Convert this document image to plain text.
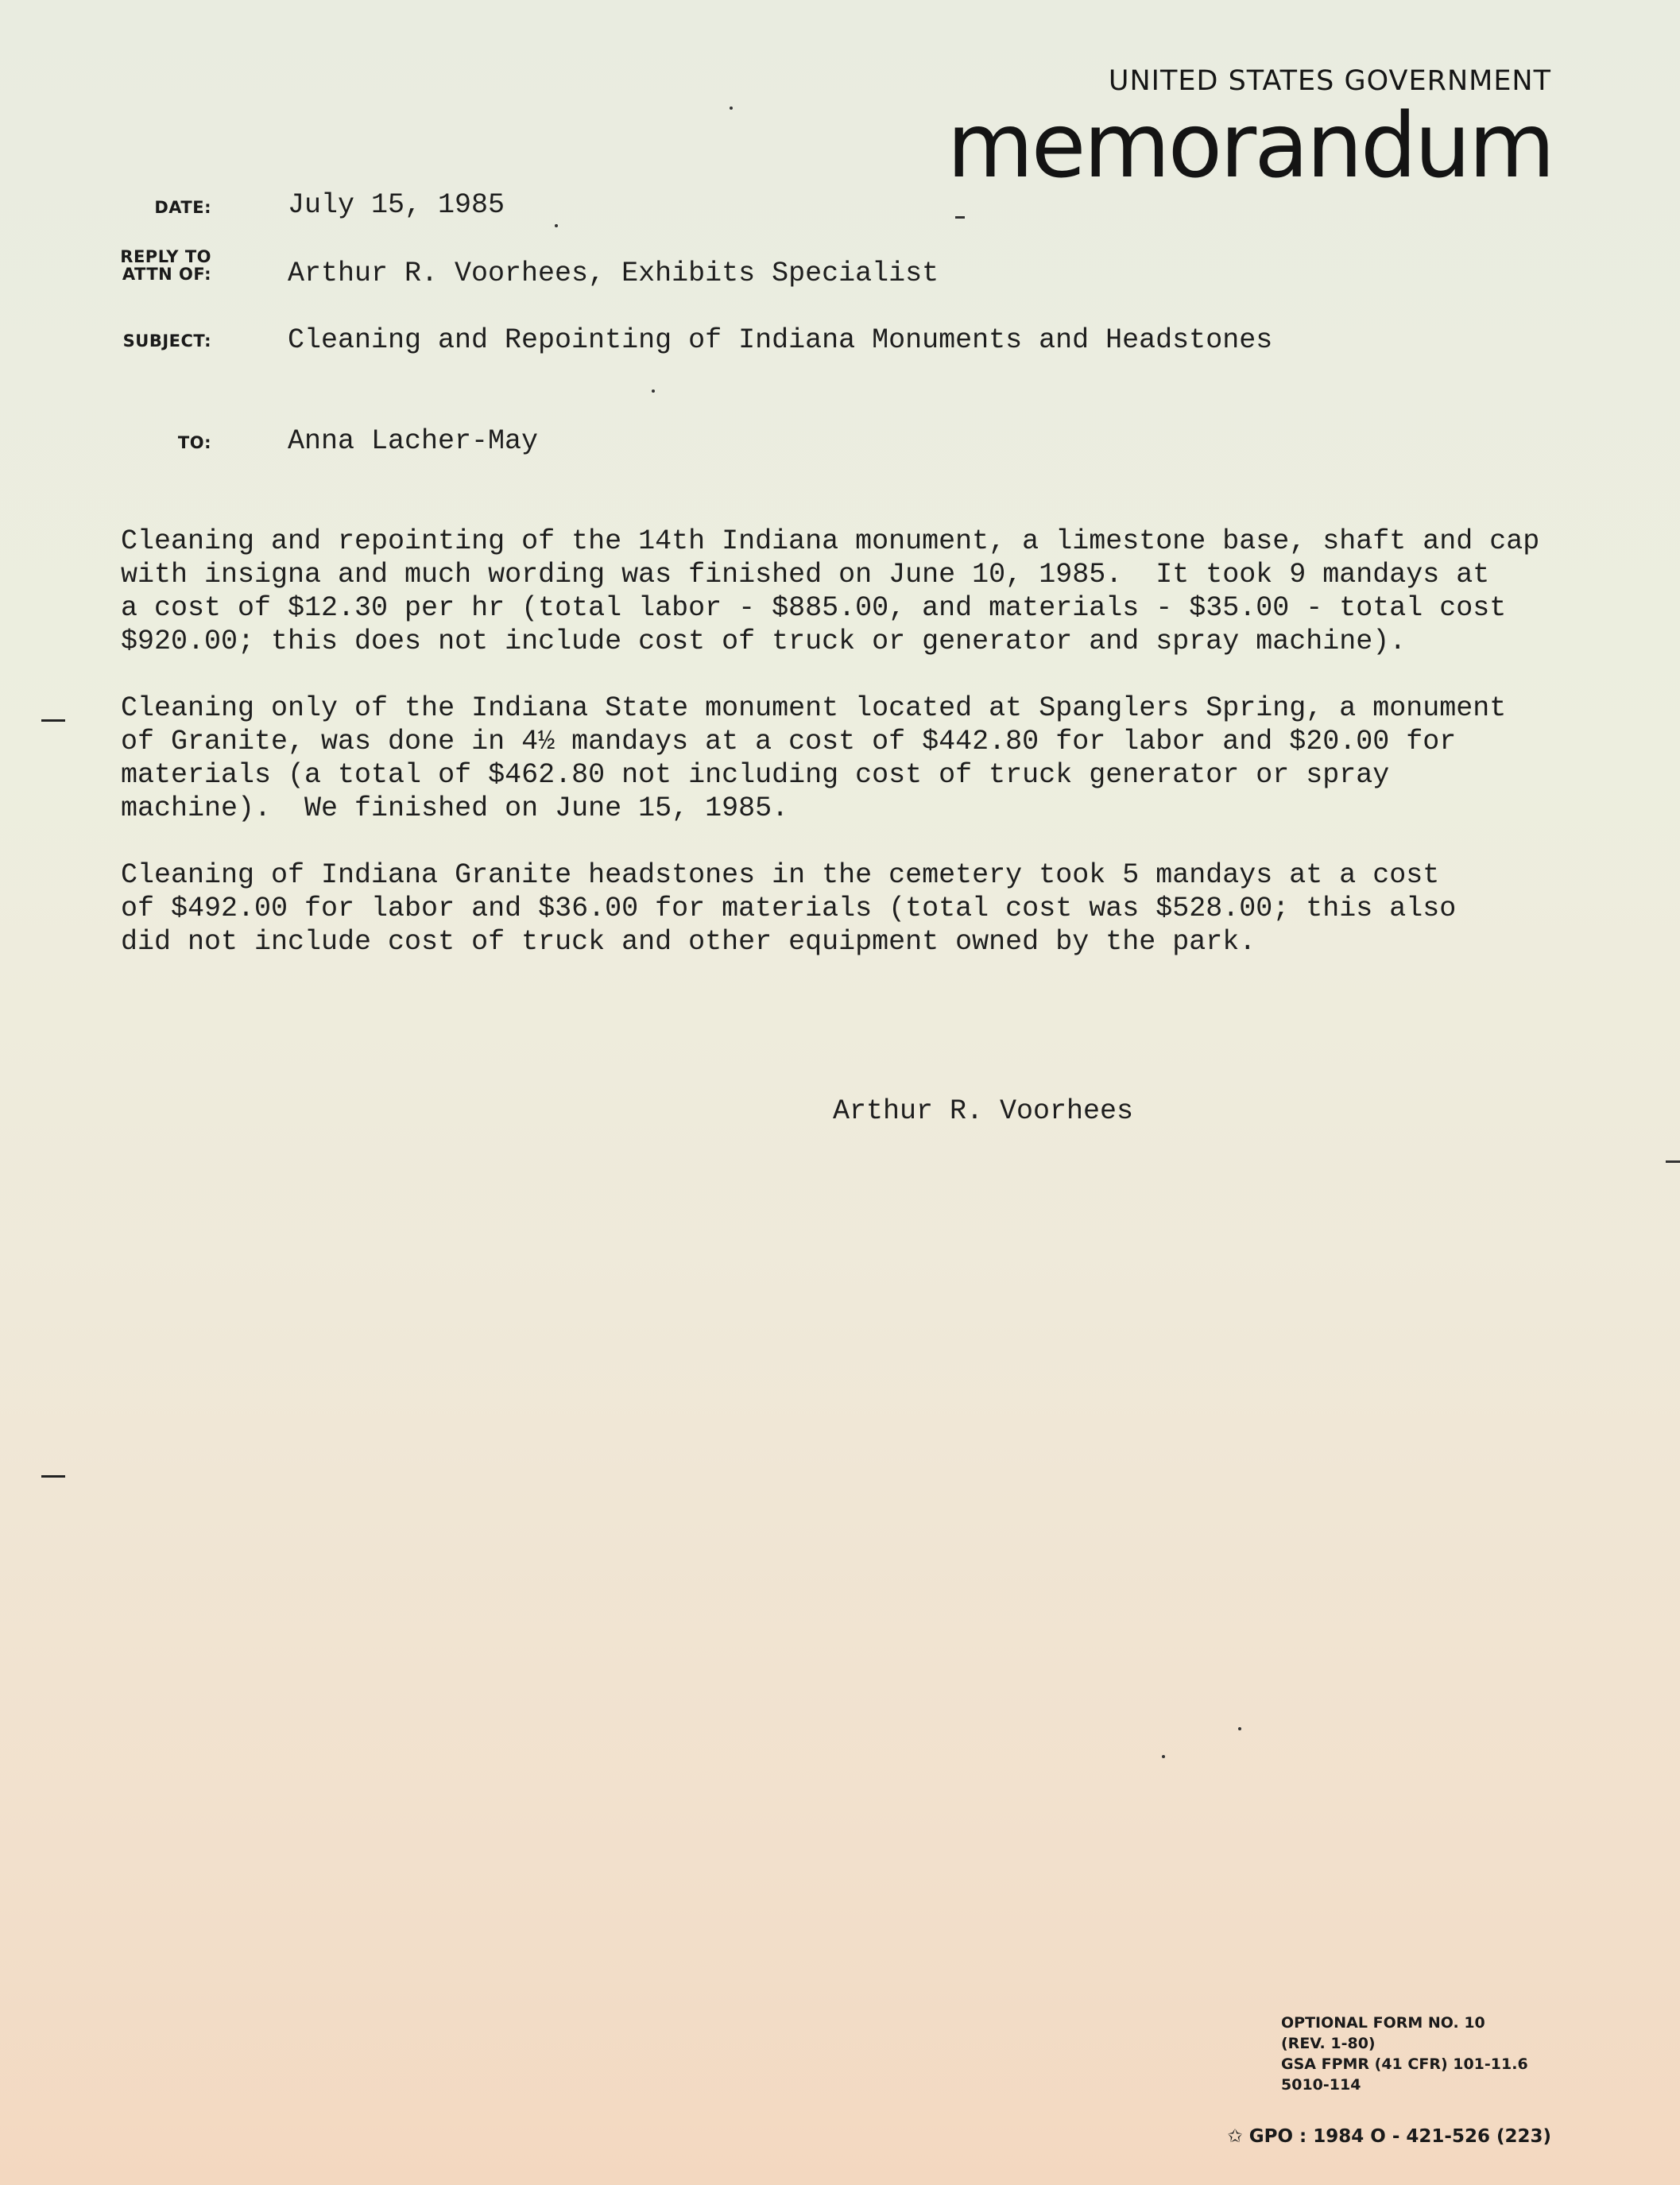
UNITED STATES GOVERNMENT
memorandum
DATE:	July 15, 1985
REPLY TO
ATTN OF:	Arthur R. Voorhees, Exhibits Specialist
SUBJECT:	Cleaning and Repointing of Indiana Monuments and Headstones
TO:	Anna Lacher-May
Cleaning and repointing of the 14th Indiana monument, a limestone base, shaft and cap
with insigna and much wording was finished on June 10, 1985.  It took 9 mandays at
a cost of $12.30 per hr (total labor - $885.00, and materials - $35.00 - total cost
$920.00; this does not include cost of truck or generator and spray machine).
Cleaning only of the Indiana State monument located at Spanglers Spring, a monument
of Granite, was done in 4½ mandays at a cost of $442.80 for labor and $20.00 for
materials (a total of $462.80 not including cost of truck generator or spray
machine).  We finished on June 15, 1985.
Cleaning of Indiana Granite headstones in the cemetery took 5 mandays at a cost
of $492.00 for labor and $36.00 for materials (total cost was $528.00; this also
did not include cost of truck and other equipment owned by the park.
Arthur R. Voorhees
OPTIONAL FORM NO. 10
(REV. 1-80)
GSA FPMR (41 CFR) 101-11.6
5010-114
✩ GPO : 1984 O - 421-526 (223)
